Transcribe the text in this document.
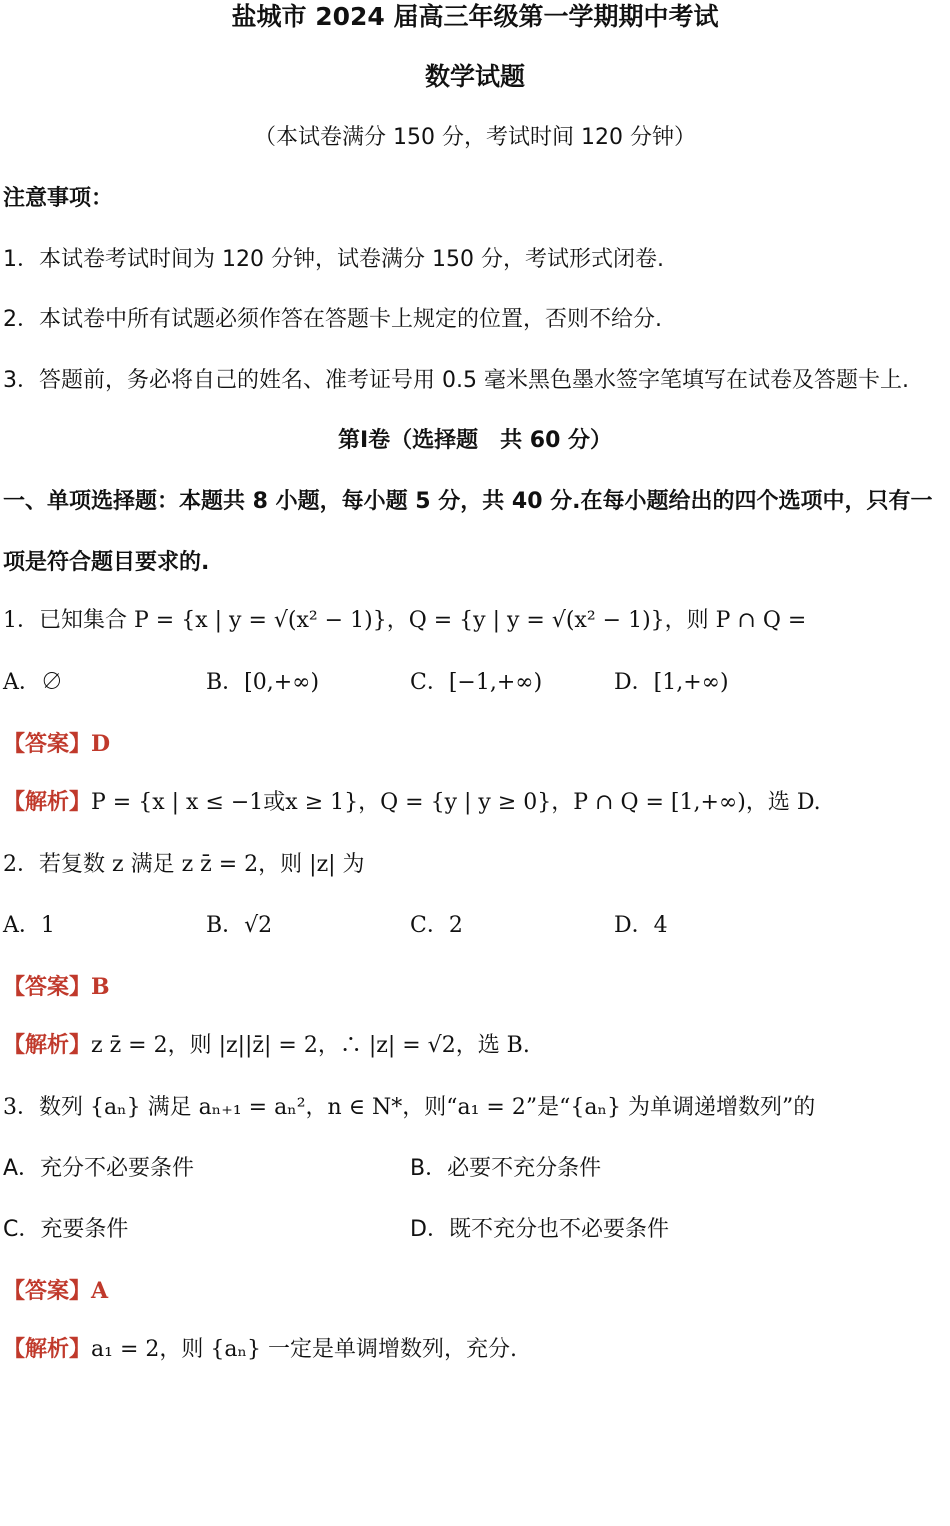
盐城市 2024 届高三年级第一学期期中考试
数学试题
（本试卷满分 150 分，考试时间 120 分钟）
注意事项：
1．本试卷考试时间为 120 分钟，试卷满分 150 分，考试形式闭卷.
2．本试卷中所有试题必须作答在答题卡上规定的位置，否则不给分.
3．答题前，务必将自己的姓名、准考证号用 0.5 毫米黑色墨水签字笔填写在试卷及答题卡上.
第Ⅰ卷（选择题　共 60 分）
一、单项选择题：本题共 8 小题，每小题 5 分，共 40 分.在每小题给出的四个选项中，只有一
项是符合题目要求的.
1．已知集合 P = {x | y = √(x² − 1)}，Q = {y | y = √(x² − 1)}，则 P ∩ Q =
A．∅	B．[0,+∞)	C．[−1,+∞)	D．[1,+∞)
【答案】D
【解析】P = {x | x ≤ −1或x ≥ 1}，Q = {y | y ≥ 0}，P ∩ Q = [1,+∞)，选 D.
2．若复数 z 满足 z z̄ = 2，则 |z| 为
A．1	B．√2	C．2	D．4
【答案】B
【解析】z z̄ = 2，则 |z||z̄| = 2，∴ |z| = √2，选 B.
3．数列 {aₙ} 满足 aₙ₊₁ = aₙ²，n ∈ N*，则“a₁ = 2”是“{aₙ} 为单调递增数列”的
A．充分不必要条件	B．必要不充分条件
C．充要条件	D．既不充分也不必要条件
【答案】A
【解析】a₁ = 2，则 {aₙ} 一定是单调增数列，充分.
